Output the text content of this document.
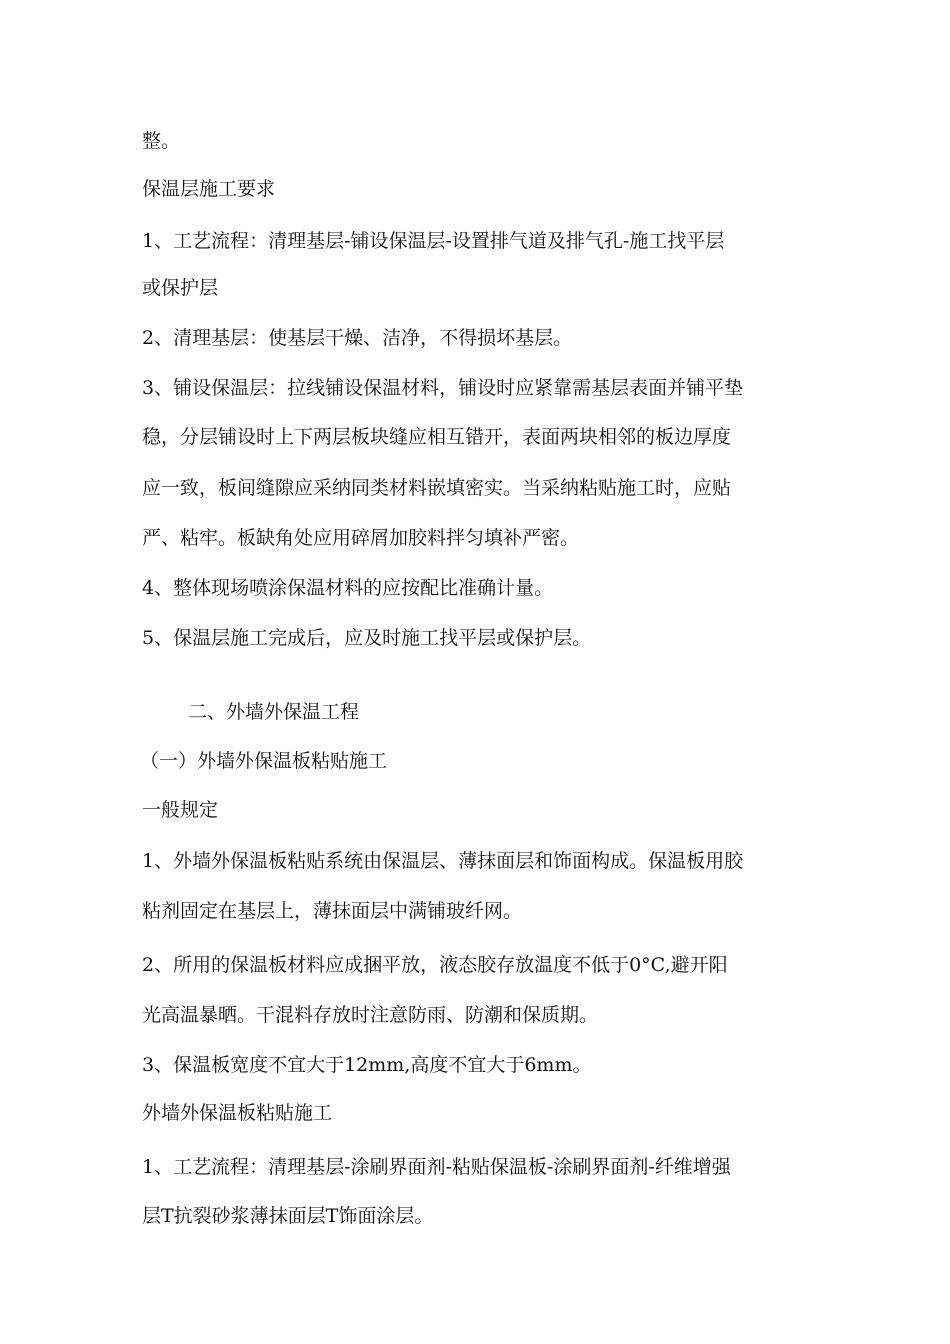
整。
保温层施工要求
1、工艺流程：清理基层-铺设保温层-设置排气道及排气孔-施工找平层
或保护层
2、清理基层：使基层干燥、洁净，不得损坏基层。
3、铺设保温层：拉线铺设保温材料，铺设时应紧靠需基层表面并铺平垫
稳，分层铺设时上下两层板块缝应相互错开，表面两块相邻的板边厚度
应一致，板间缝隙应采纳同类材料嵌填密实。当采纳粘贴施工时，应贴
严、粘牢。板缺角处应用碎屑加胶料拌匀填补严密。
4、整体现场喷涂保温材料的应按配比准确计量。
5、保温层施工完成后，应及时施工找平层或保护层。
二、外墙外保温工程
（一）外墙外保温板粘贴施工
一般规定
1、外墙外保温板粘贴系统由保温层、薄抹面层和饰面构成。保温板用胶
粘剂固定在基层上，薄抹面层中满铺玻纤网。
2、所用的保温板材料应成捆平放，液态胶存放温度不低于0°C,避开阳
光高温暴晒。干混料存放时注意防雨、防潮和保质期。
3、保温板宽度不宜大于12mm,高度不宜大于6mm。
外墙外保温板粘贴施工
1、工艺流程：清理基层-涂刷界面剂-粘贴保温板-涂刷界面剂-纤维增强
层T抗裂砂浆薄抹面层T饰面涂层。
